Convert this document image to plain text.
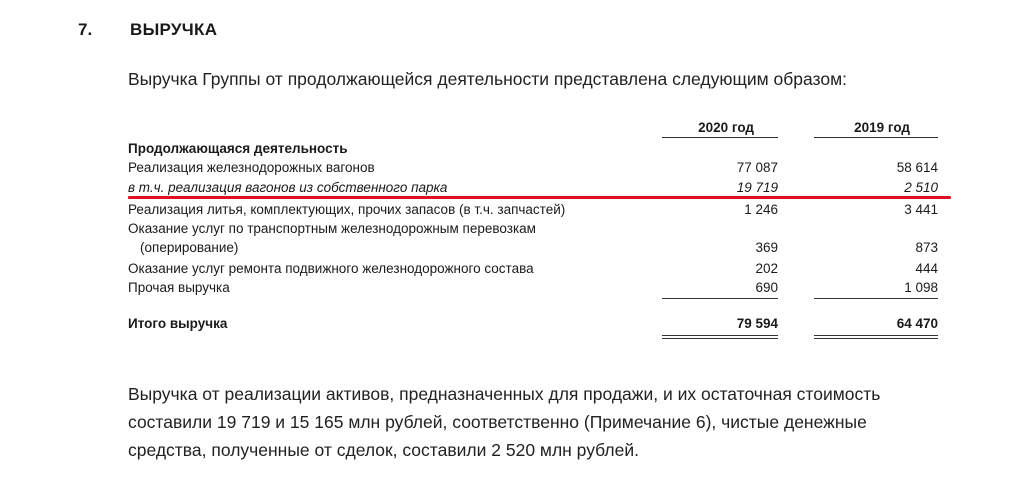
7. ВЫРУЧКА
Выручка Группы от продолжающейся деятельности представлена следующим образом:
2020 год	2019 год
Продолжающаяся деятельность
Реализация железнодорожных вагонов	77 087	58 614
в т.ч. реализация вагонов из собственного парка	19 719	2 510
Реализация литья, комплектующих, прочих запасов (в т.ч. запчастей)	1 246	3 441
Оказание услуг по транспортным железнодорожным перевозкам
(оперирование)	369	873
Оказание услуг ремонта подвижного железнодорожного состава	202	444
Прочая выручка	690	1 098
Итого выручка	79 594	64 470
Выручка от реализации активов, предназначенных для продажи, и их остаточная стоимость
составили 19 719 и 15 165 млн рублей, соответственно (Примечание 6), чистые денежные
средства, полученные от сделок, составили 2 520 млн рублей.
